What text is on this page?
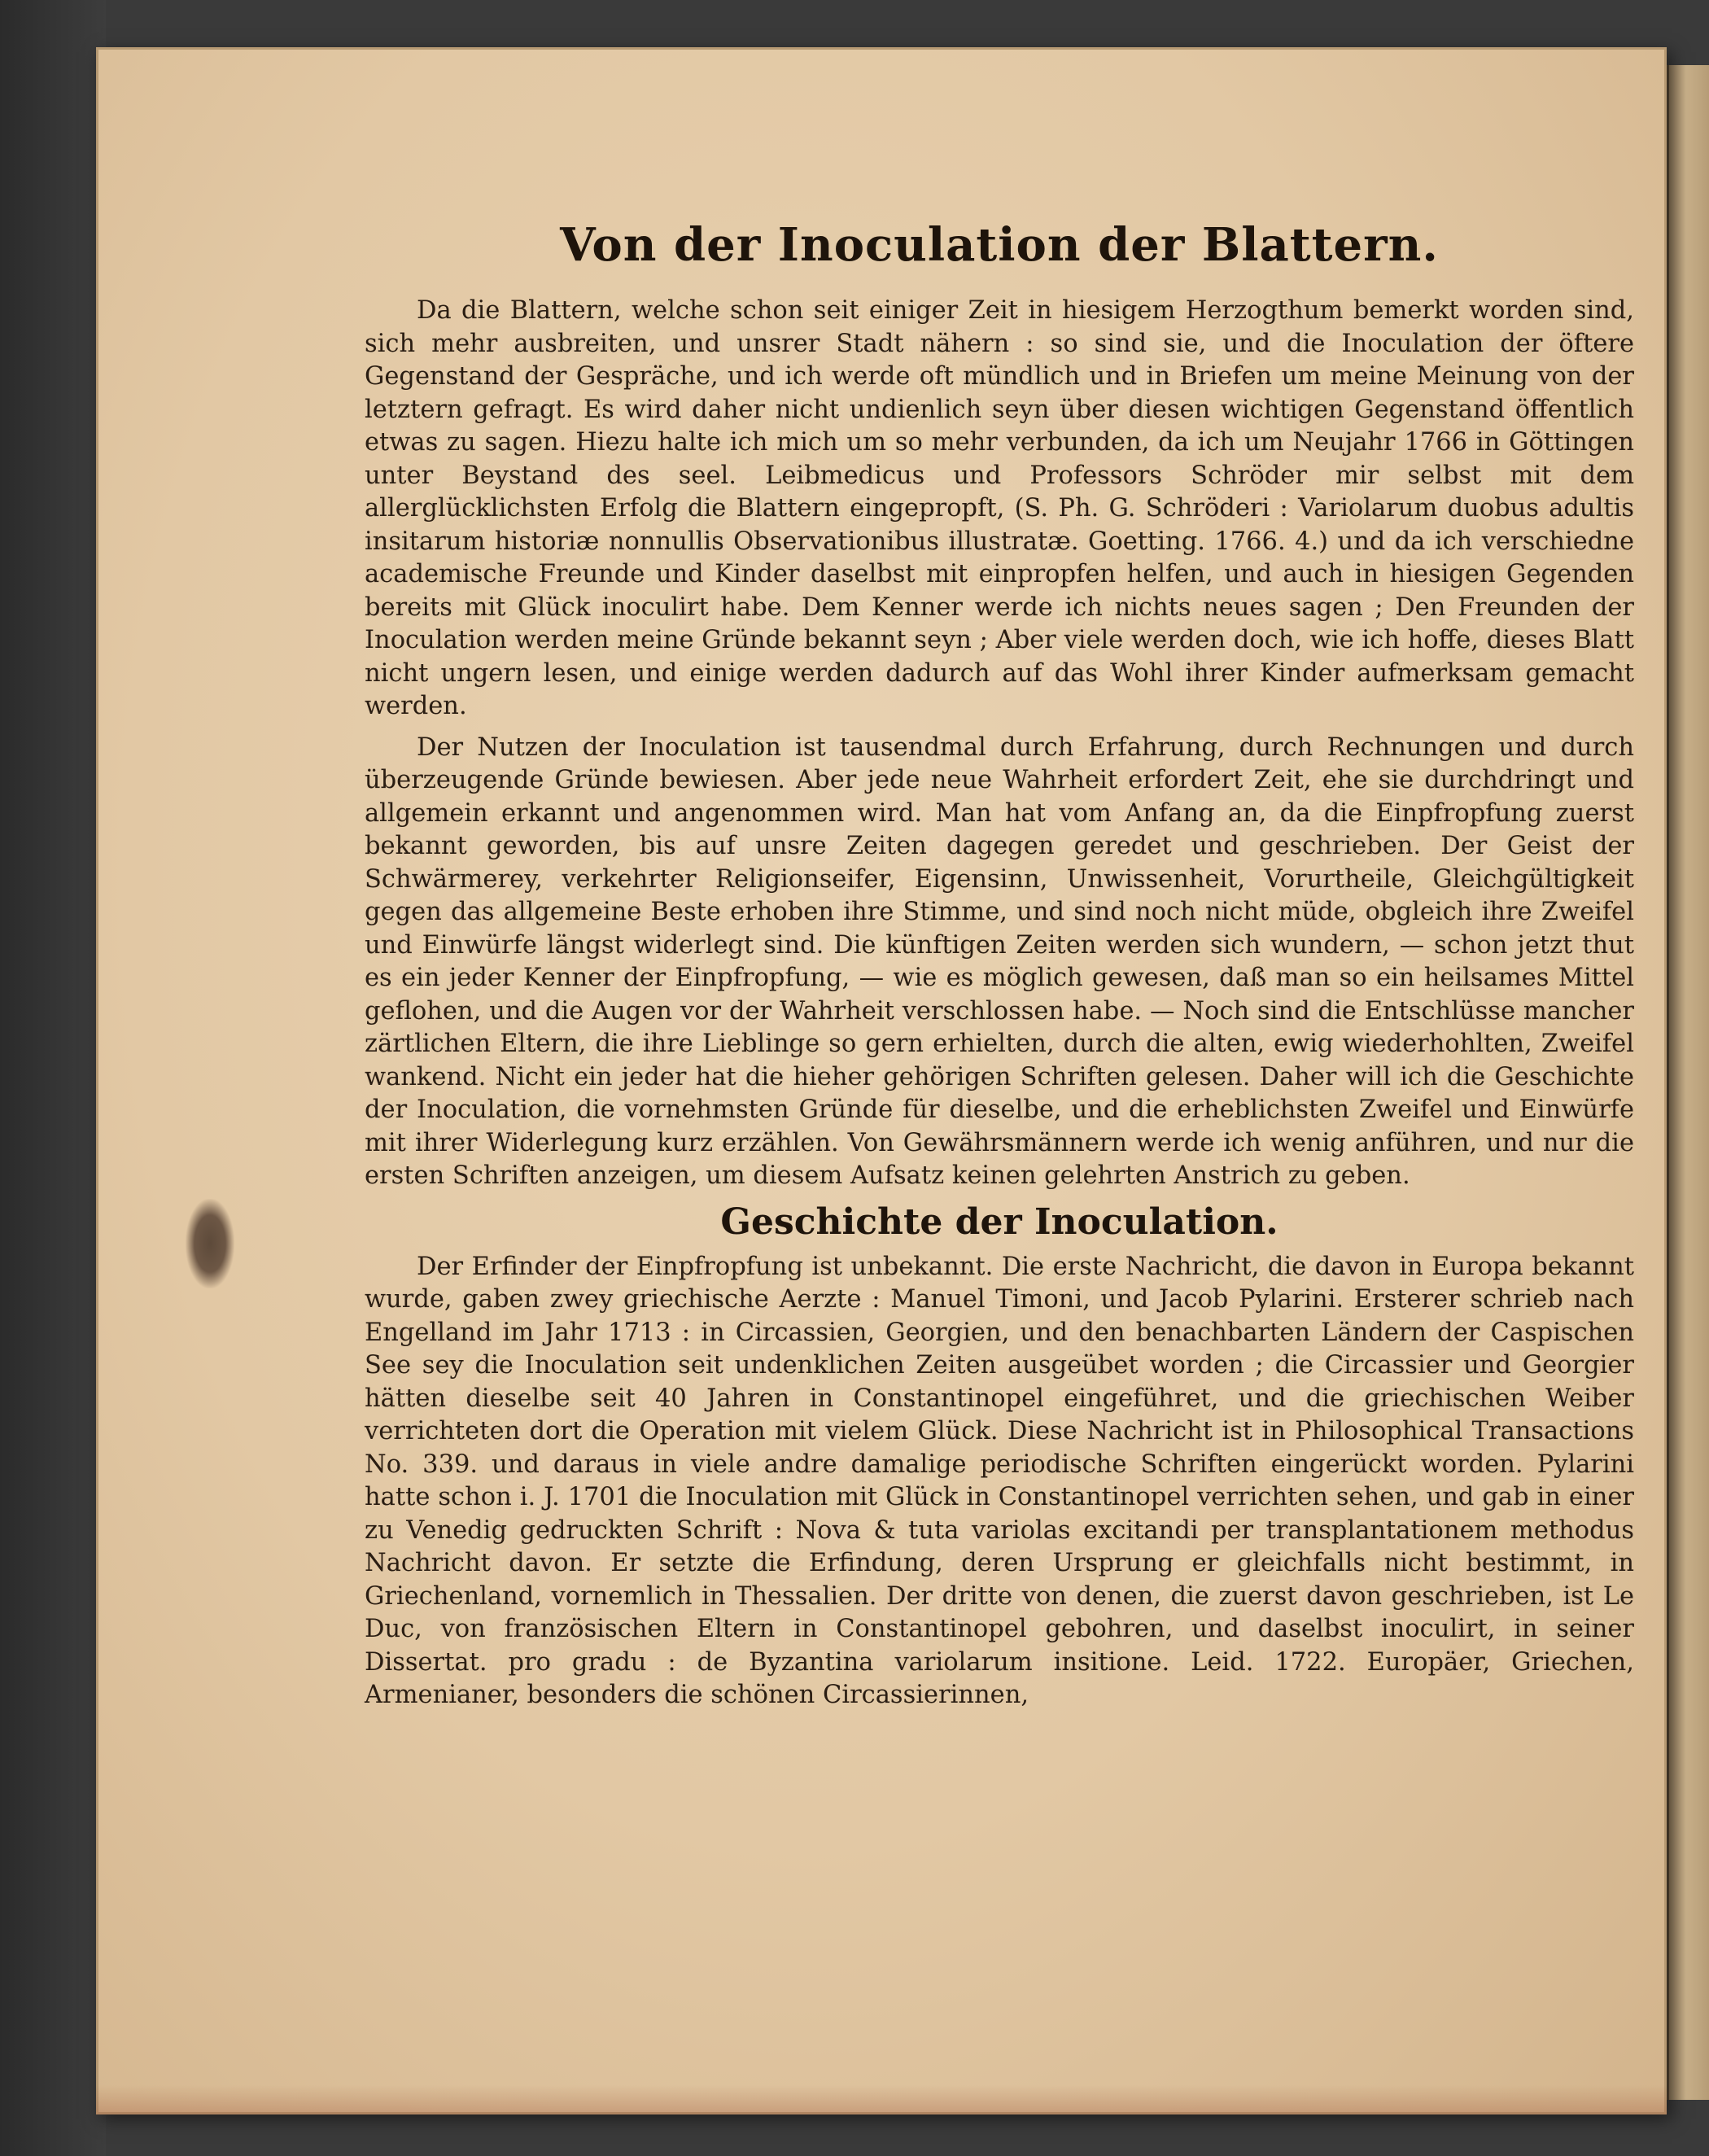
Von der Inoculation der Blattern.

Da die Blattern, welche schon seit einiger Zeit in hiesigem Herzogthum bemerkt worden sind, sich mehr ausbreiten, und unsrer Stadt nähern : so sind sie, und die Inoculation der öftere Gegenstand der Gespräche, und ich werde oft mündlich und in Briefen um meine Meinung von der letztern gefragt. Es wird daher nicht undienlich seyn über diesen wichtigen Gegenstand öffentlich etwas zu sagen. Hiezu halte ich mich um so mehr verbunden, da ich um Neujahr 1766 in Göttingen unter Beystand des seel. Leibmedicus und Professors Schröder mir selbst mit dem allerglücklichsten Erfolg die Blattern eingepropft, (S. Ph. G. Schröderi : Variolarum duobus adultis insitarum historiæ nonnullis Observationibus illustratæ. Goetting. 1766. 4.) und da ich verschiedne academische Freunde und Kinder daselbst mit einpropfen helfen, und auch in hiesigen Gegenden bereits mit Glück inoculirt habe. Dem Kenner werde ich nichts neues sagen ; Den Freunden der Inoculation werden meine Gründe bekannt seyn ; Aber viele werden doch, wie ich hoffe, dieses Blatt nicht ungern lesen, und einige werden dadurch auf das Wohl ihrer Kinder aufmerksam gemacht werden.

Der Nutzen der Inoculation ist tausendmal durch Erfahrung, durch Rechnungen und durch überzeugende Gründe bewiesen. Aber jede neue Wahrheit erfordert Zeit, ehe sie durchdringt und allgemein erkannt und angenommen wird. Man hat vom Anfang an, da die Einpfropfung zuerst bekannt geworden, bis auf unsre Zeiten dagegen geredet und geschrieben. Der Geist der Schwärmerey, verkehrter Religionseifer, Eigensinn, Unwissenheit, Vorurtheile, Gleichgültigkeit gegen das allgemeine Beste erhoben ihre Stimme, und sind noch nicht müde, obgleich ihre Zweifel und Einwürfe längst widerlegt sind. Die künftigen Zeiten werden sich wundern, — schon jetzt thut es ein jeder Kenner der Einpfropfung, — wie es möglich gewesen, daß man so ein heilsames Mittel geflohen, und die Augen vor der Wahrheit verschlossen habe. — Noch sind die Entschlüsse mancher zärtlichen Eltern, die ihre Lieblinge so gern erhielten, durch die alten, ewig wiederhohlten, Zweifel wankend. Nicht ein jeder hat die hieher gehörigen Schriften gelesen. Daher will ich die Geschichte der Inoculation, die vornehmsten Gründe für dieselbe, und die erheblichsten Zweifel und Einwürfe mit ihrer Widerlegung kurz erzählen. Von Gewährsmännern werde ich wenig anführen, und nur die ersten Schriften anzeigen, um diesem Aufsatz keinen gelehrten Anstrich zu geben.

Geschichte der Inoculation.

Der Erfinder der Einpfropfung ist unbekannt. Die erste Nachricht, die davon in Europa bekannt wurde, gaben zwey griechische Aerzte : Manuel Timoni, und Jacob Pylarini. Ersterer schrieb nach Engelland im Jahr 1713 : in Circassien, Georgien, und den benachbarten Ländern der Caspischen See sey die Inoculation seit undenklichen Zeiten ausgeübet worden ; die Circassier und Georgier hätten dieselbe seit 40 Jahren in Constantinopel eingeführet, und die griechischen Weiber verrichteten dort die Operation mit vielem Glück. Diese Nachricht ist in Philosophical Transactions No. 339. und daraus in viele andre damalige periodische Schriften eingerückt worden. Pylarini hatte schon i. J. 1701 die Inoculation mit Glück in Constantinopel verrichten sehen, und gab in einer zu Venedig gedruckten Schrift : Nova & tuta variolas excitandi per transplantationem methodus Nachricht davon. Er setzte die Erfindung, deren Ursprung er gleichfalls nicht bestimmt, in Griechenland, vornemlich in Thessalien. Der dritte von denen, die zuerst davon geschrieben, ist Le Duc, von französischen Eltern in Constantinopel gebohren, und daselbst inoculirt, in seiner Dissertat. pro gradu : de Byzantina variolarum insitione. Leid. 1722. Europäer, Griechen, Armenianer, besonders die schönen Circassierinnen,
